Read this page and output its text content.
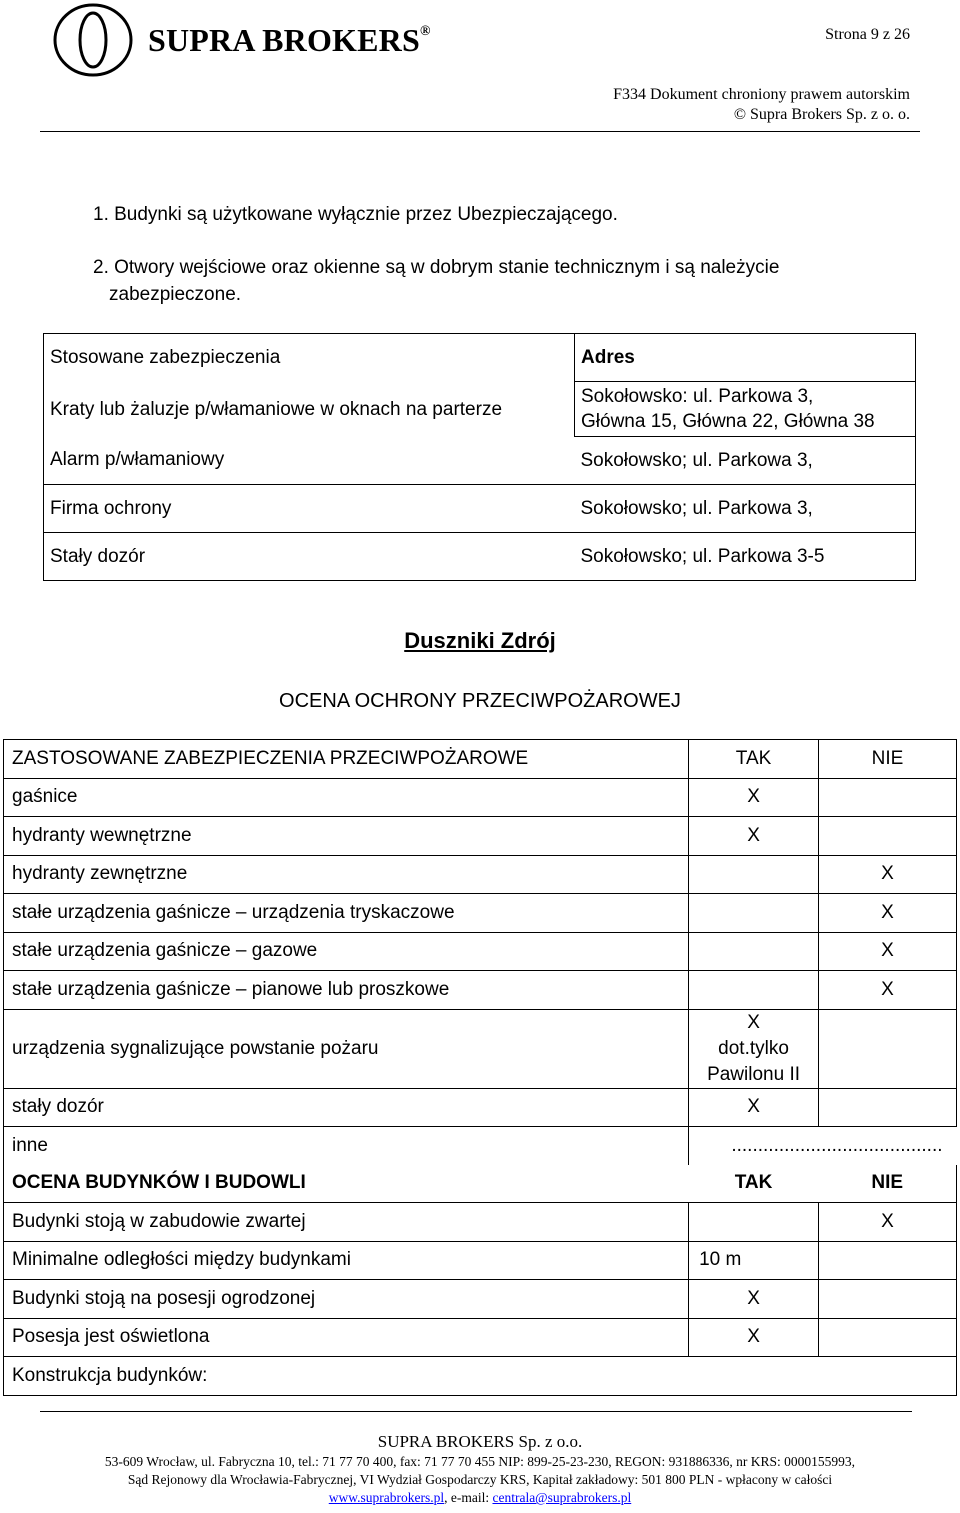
SUPRA BROKERS®	Strona 9 z 26
F334 Dokument chroniony prawem autorskim
© Supra Brokers Sp. z o. o.
1. Budynki są użytkowane wyłącznie przez Ubezpieczającego.
2. Otwory wejściowe oraz okienne są w dobrym stanie technicznym i są należycie
zabezpieczone.
Stosowane zabezpieczenia	Adres
Kraty lub żaluzje p/włamaniowe w oknach na parterze	Sokołowsko: ul. Parkowa 3,
Główna 15, Główna 22, Główna 38

Alarm p/włamaniowy	Sokołowsko; ul. Parkowa 3,
Firma ochrony	Sokołowsko; ul. Parkowa 3,
Stały dozór	Sokołowsko; ul. Parkowa 3-5
Duszniki Zdrój
OCENA OCHRONY PRZECIWPOŻAROWEJ
ZASTOSOWANE ZABEZPIECZENIA PRZECIWPOŻAROWE	TAK	NIE
gaśnice	X	
hydranty wewnętrzne	X	
hydranty zewnętrzne		X
stałe urządzenia gaśnicze – urządzenia tryskaczowe		X
stałe urządzenia gaśnicze – gazowe		X
stałe urządzenia gaśnicze – pianowe lub proszkowe		X
urządzenia sygnalizujące powstanie pożaru	X
dot.tylko
Pawilonu II	

stały dozór	X	
inne	........................................	
OCENA BUDYNKÓW I BUDOWLI	TAK	NIE
Budynki stoją w zabudowie zwartej		X
Minimalne odległości między budynkami	10 m	
Budynki stoją na posesji ogrodzonej	X	
Posesja jest oświetlona	X	
Konstrukcja budynków:		
SUPRA BROKERS Sp. z o.o.
53-609 Wrocław, ul. Fabryczna 10, tel.: 71 77 70 400, fax: 71 77 70 455 NIP: 899-25-23-230, REGON: 931886336, nr KRS: 0000155993,
Sąd Rejonowy dla Wrocławia-Fabrycznej, VI Wydział Gospodarczy KRS, Kapitał zakładowy: 501 800 PLN - wpłacony w całości
www.suprabrokers.pl, e-mail: centrala@suprabrokers.pl
